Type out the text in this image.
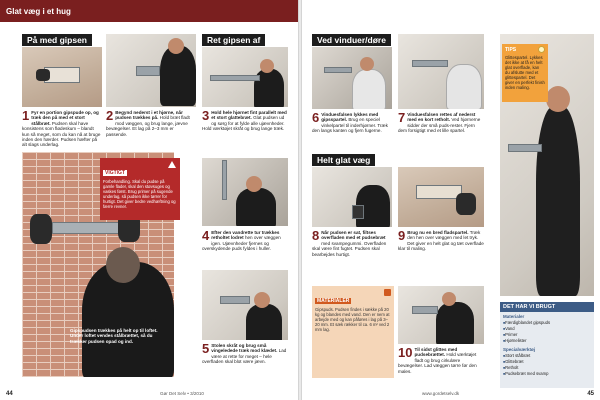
Glat væg i et hug
På med gipsen
1 Fyr en portion gipspude op, og træk den på med et stort stålbræt. Pudsen skal have konsistens som flødeskum – blandt kun så meget, som du kan nå at bruge inden den hærder. Pudsen hæfter på alt slags underlag.
2 Begynd nederst i et hjørne, når pudsen trækkes på. Hold bræt fladt mod væggen, og brug lange, jævne bevægelser. Et lag på 2–3 mm er passende.
Gipspudsen trækkes på helt op til loftet. Under loftet vendes stålbrættet, så du trækker pudsen opad og ind.
VIGTIGT
Forbehandling. Skal du pudse på gamle flader, skal den støvsuges og vaskes først. Brug primer på sugende underlag, så pudsen ikke tørrer for hurtigt. Det giver bedre vedhæftning og færre revner.
Ret gipsen af
3 Hold hele hjørnet fint parallelt med et stort glattebræt. Glat pudsen ud og sørg for at fylde alle ujævnheder. Hold værktøjet skråt og brug lange træk.
4 Efter den vandrette tur trækkes retholtet lodret hen over væggen igen. Ujævnheder fjernes og overskydende puds fyldes i huller.
5 Stolen skråt og brug små vingeledede træk mod klædet. Lad være at rette for meget – hele overfladen skal blot være jævn.
44	Gør Det Selv • 3/2010
Ved vinduer/døre
6 Vinduesfalsen lykkes med gipsspartel. Brug en speciel vinkelpartel til inderhjørner. Træk den langs kanten og fjern fugerne.
7 Vinduesfalsen rettes af nederst med en kort retholt. Ved hjørnerne sidder der små puds-rester. Fjern dem forsigtigt med et lille spartel.
Helt glat væg
8 Når pudsen er sat, filtses overfladen med et pudsebræt med svampegummi. Overfladen skal være fint fugtet. Pudsen skal bearbejdes hurtigt.
9 Brug nu en bred fladspartel. Træk den hen over væggen med let tryk. Det giver en helt glat og tæt overflade klar til maling.
MATERIALER
Gipspuds. Pudsen findes i sække på 20 kg og blandes med vand. Den er nem at arbejde med og kan påføres i lag på 3–20 mm. Et sæk rækker til ca. 6 m² ved 2 mm lag.
10 Til sidst glittes med pudsebrættet. Hold værktøjet fladt og brug cirkulære bevægelser. Lad væggen tørre før den males.
TIPS
Glittespartel. Lykkes det ikke at få en helt glat overflade, kan du afslutte med et glittespartel. Det giver en perfekt finish inden maling.
DET HAR VI BRUGT
Materialer
■ Færdigblandet gipspuds
■ Vand
■ Primer
■ Hjørnelister
Specialværktøj
■ Stort stålbræt
■ Glittebræt
■ Retholt
■ Pudsebræt med svamp
www.gordetselv.dk	45
